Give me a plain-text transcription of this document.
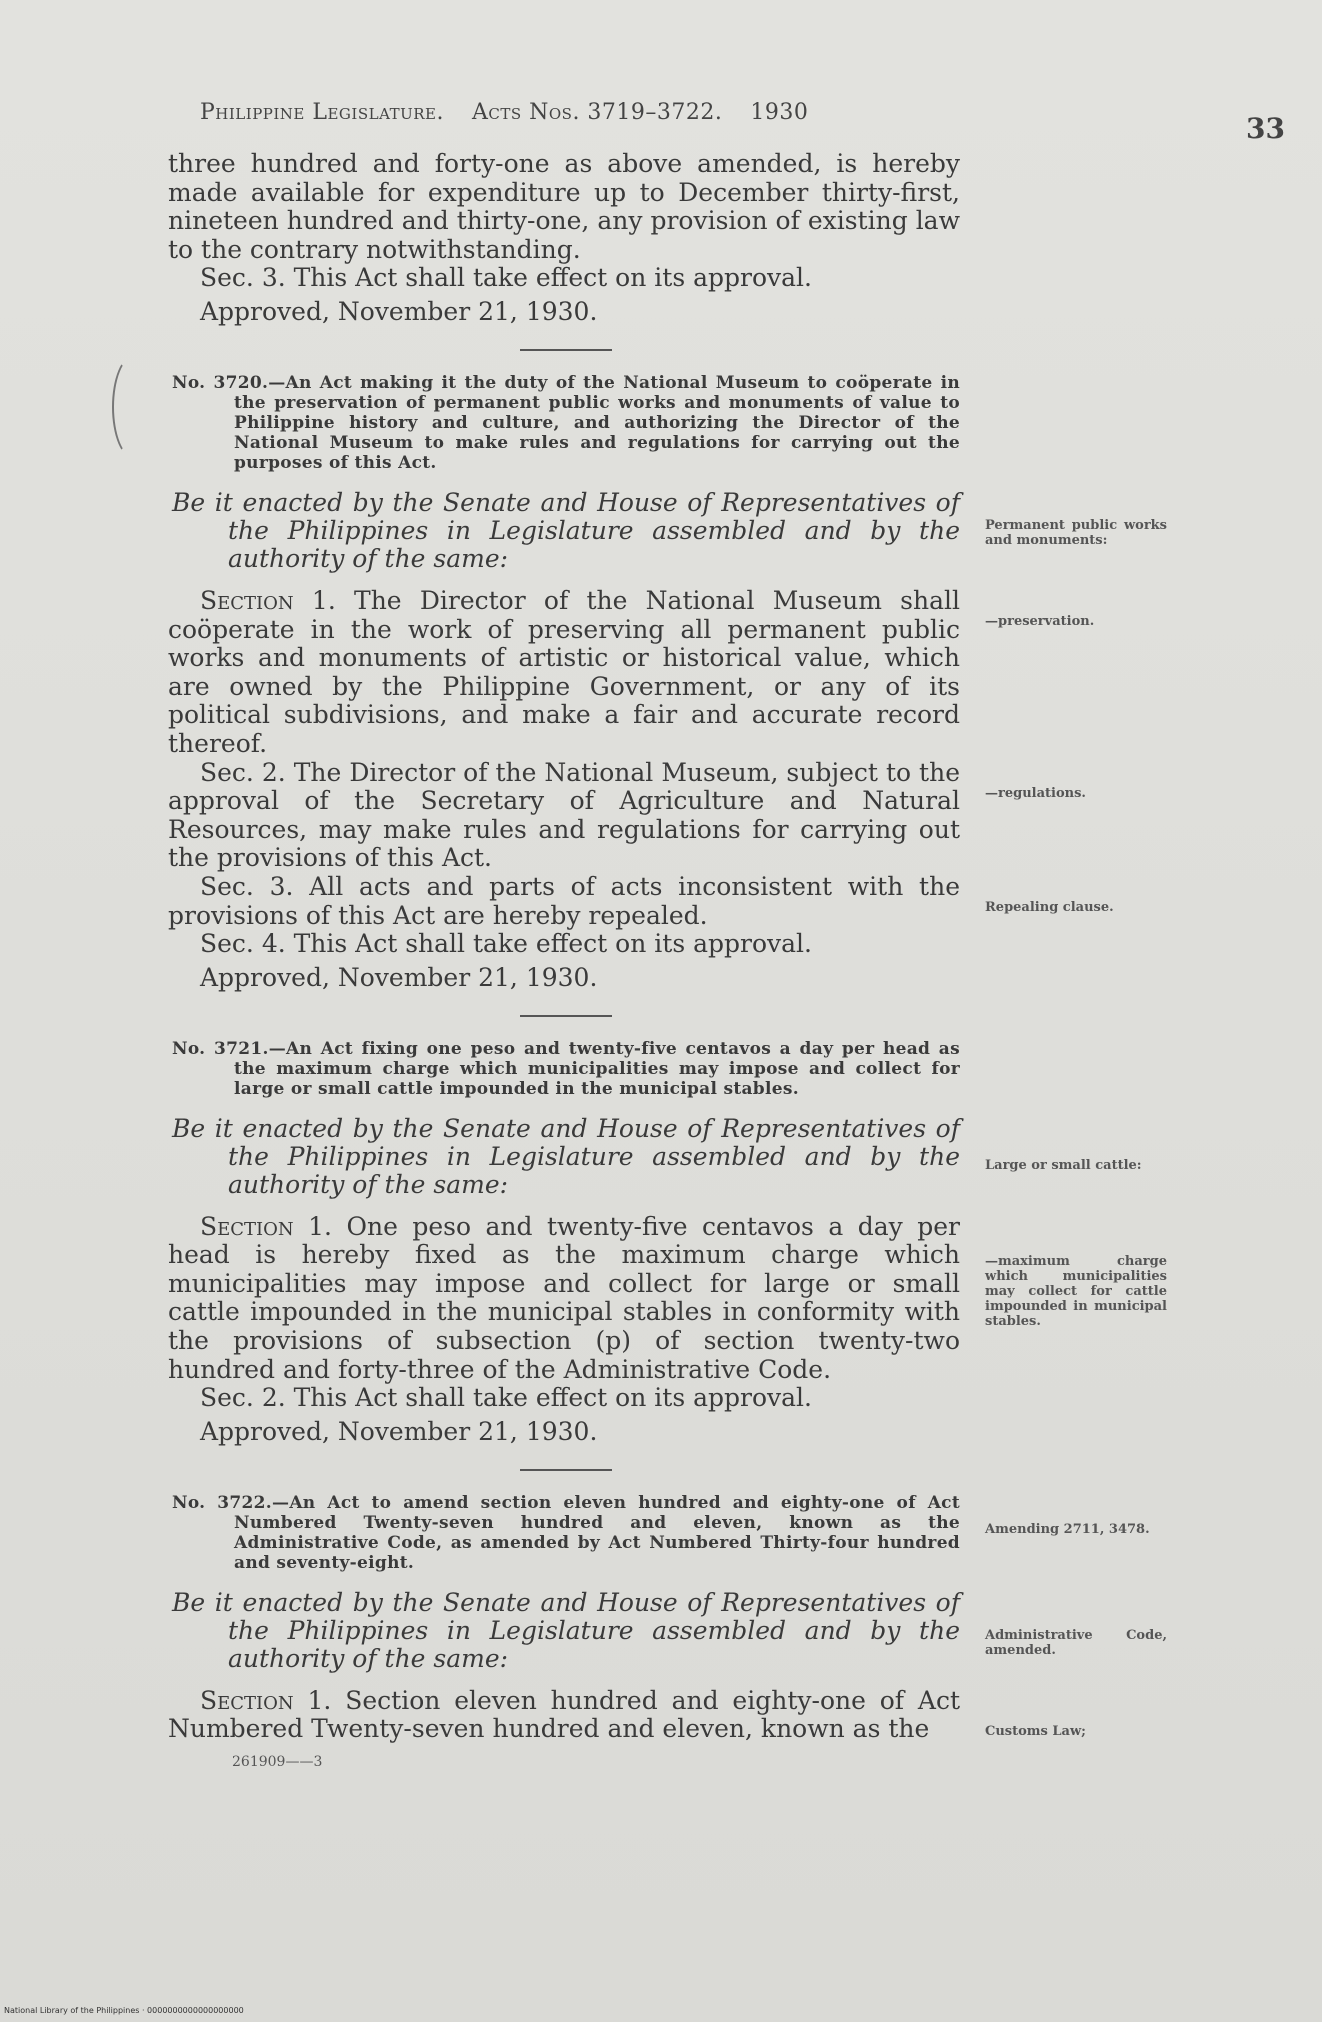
Philippine Legislature. Acts Nos. 3719–3722. 1930	33

three hundred and forty-one as above amended, is hereby made available for expenditure up to December thirty-first, nineteen hundred and thirty-one, any provision of existing law to the contrary notwithstanding.

Sec. 3. This Act shall take effect on its approval.

Approved, November 21, 1930.

No. 3720.—An Act making it the duty of the National Museum to coöperate in the preservation of permanent public works and monuments of value to Philippine history and culture, and authorizing the Director of the National Museum to make rules and regulations for carrying out the purposes of this Act.

Be it enacted by the Senate and House of Representatives of the Philippines in Legislature assembled and by the authority of the same:

Section 1. The Director of the National Museum shall coöperate in the work of preserving all permanent public works and monuments of artistic or historical value, which are owned by the Philippine Government, or any of its political subdivisions, and make a fair and accurate record thereof.

Sec. 2. The Director of the National Museum, subject to the approval of the Secretary of Agriculture and Natural Resources, may make rules and regulations for carrying out the provisions of this Act.

Sec. 3. All acts and parts of acts inconsistent with the provisions of this Act are hereby repealed.

Sec. 4. This Act shall take effect on its approval.

Approved, November 21, 1930.

No. 3721.—An Act fixing one peso and twenty-five centavos a day per head as the maximum charge which municipalities may impose and collect for large or small cattle impounded in the municipal stables.

Be it enacted by the Senate and House of Representatives of the Philippines in Legislature assembled and by the authority of the same:

Section 1. One peso and twenty-five centavos a day per head is hereby fixed as the maximum charge which municipalities may impose and collect for large or small cattle impounded in the municipal stables in conformity with the provisions of subsection (p) of section twenty-two hundred and forty-three of the Administrative Code.

Sec. 2. This Act shall take effect on its approval.

Approved, November 21, 1930.

No. 3722.—An Act to amend section eleven hundred and eighty-one of Act Numbered Twenty-seven hundred and eleven, known as the Administrative Code, as amended by Act Numbered Thirty-four hundred and seventy-eight.

Be it enacted by the Senate and House of Representatives of the Philippines in Legislature assembled and by the authority of the same:

Section 1. Section eleven hundred and eighty-one of Act Numbered Twenty-seven hundred and eleven, known as the

261909——3

Permanent public works and monuments:
—preservation.
—regulations.
Repealing clause.
Large or small cattle:
—maximum charge which municipalities may collect for cattle impounded in municipal stables.
Amending 2711, 3478.
Administrative Code, amended.
Customs Law;
National Library of the Philippines · 0000000000000000000
